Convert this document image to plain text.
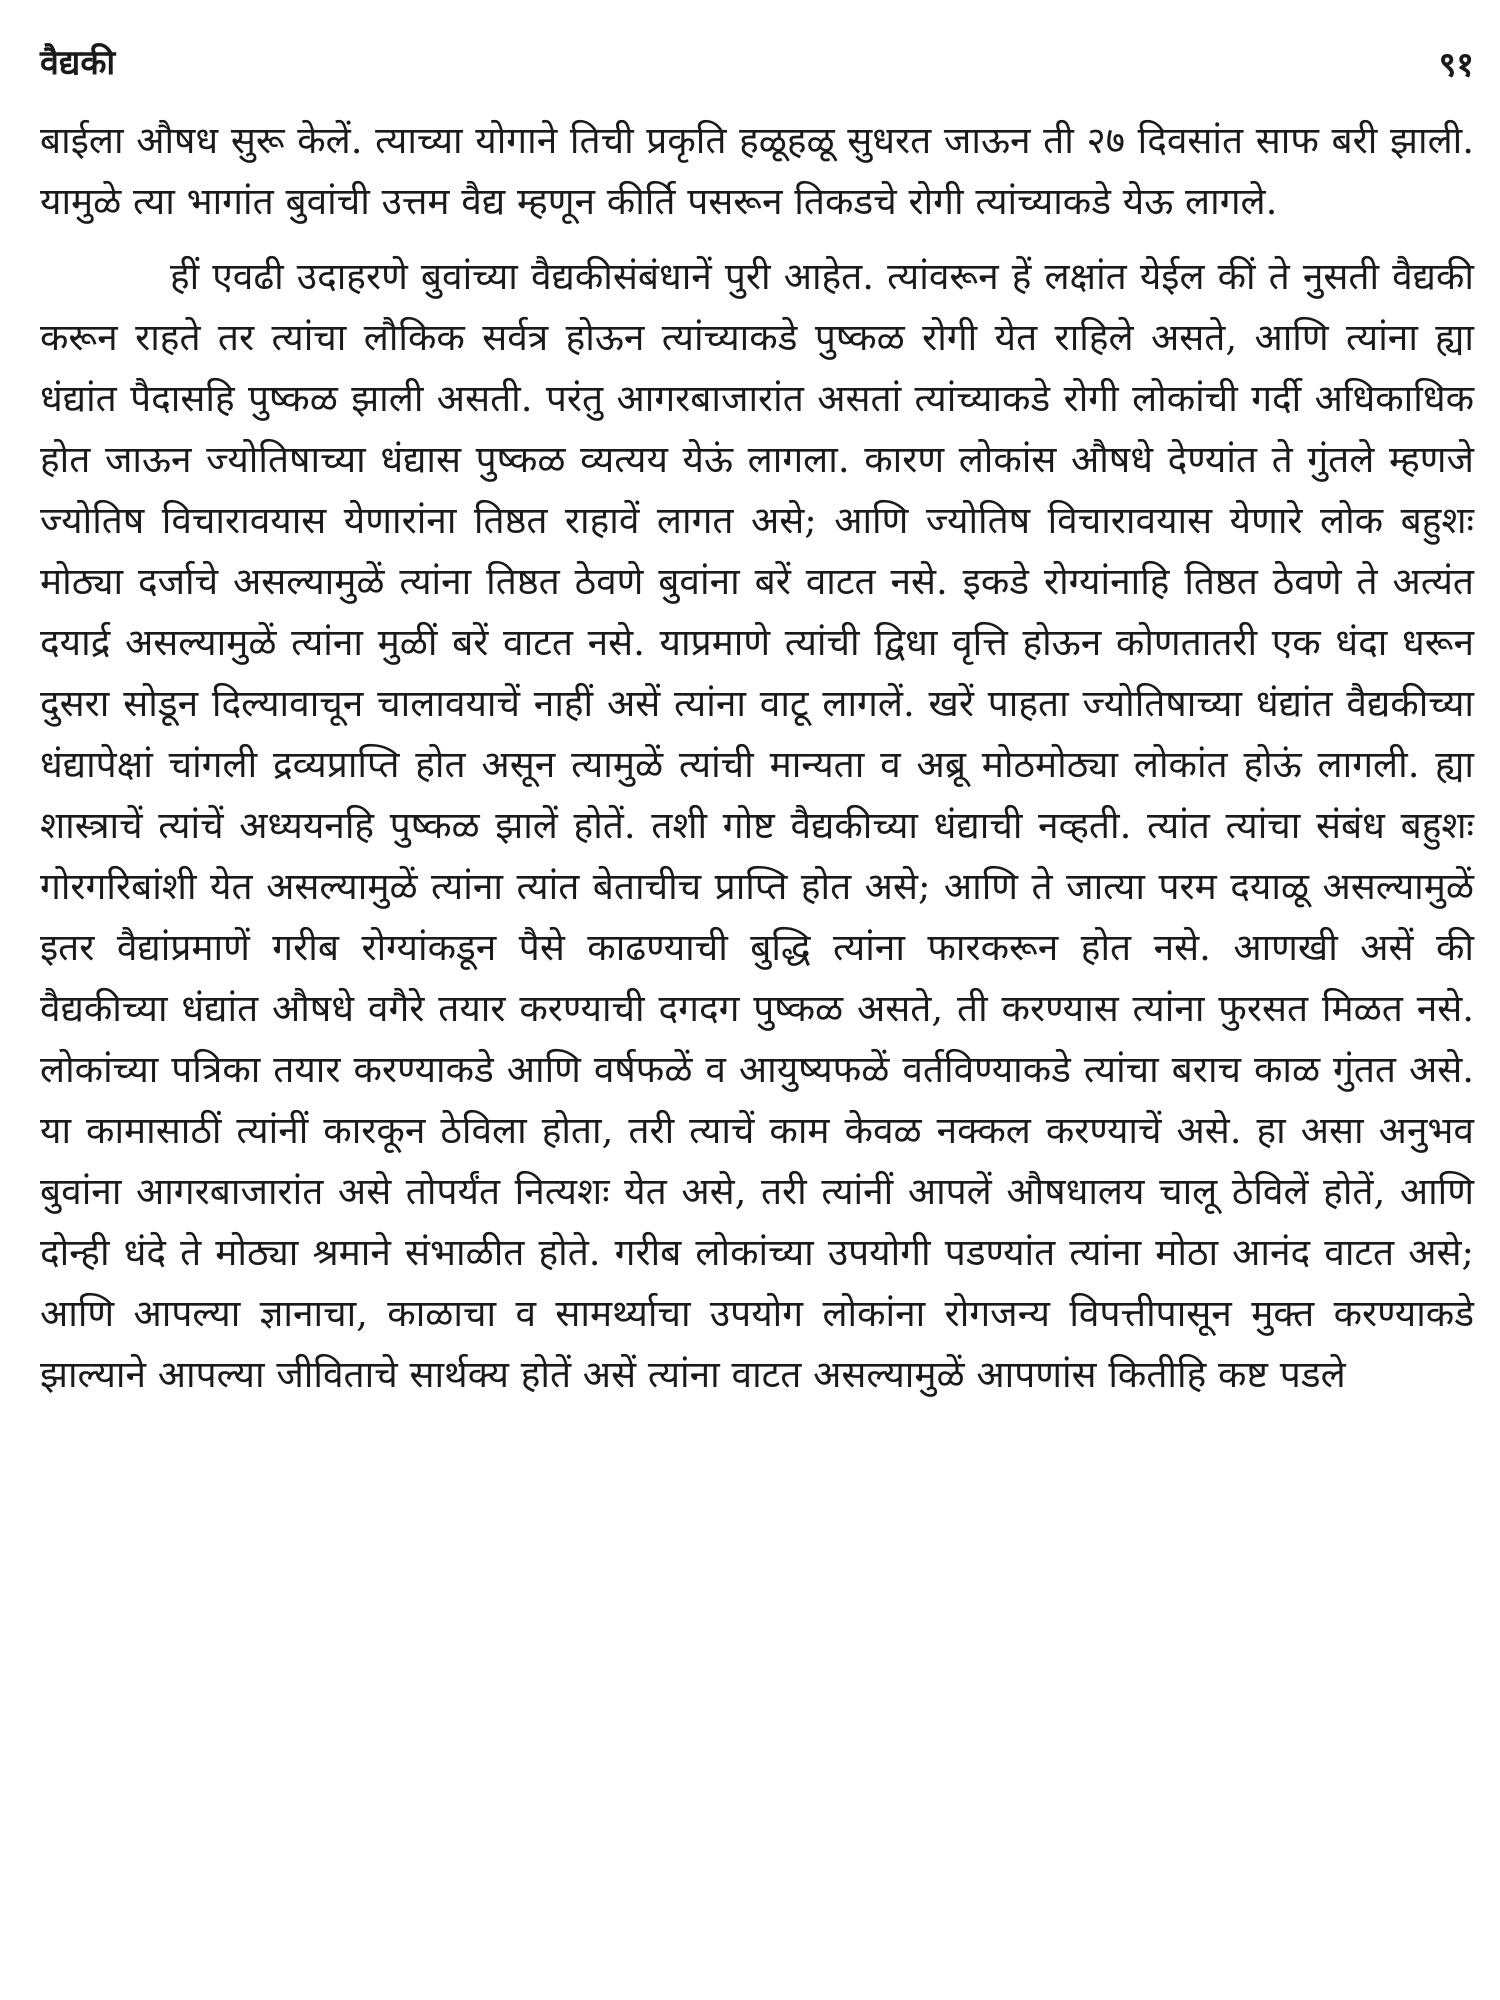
वैद्यकी	९१

बाईला औषध सुरू केलें. त्याच्या योगाने तिची प्रकृति हळूहळू सुधरत जाऊन ती २७ दिवसांत साफ बरी झाली. यामुळे त्या भागांत बुवांची उत्तम वैद्य म्हणून कीर्ति पसरून तिकडचे रोगी त्यांच्याकडे येऊ लागले.

हीं एवढी उदाहरणे बुवांच्या वैद्यकीसंबंधानें पुरी आहेत. त्यांवरून हें लक्षांत येईल कीं ते नुसती वैद्यकी करून राहते तर त्यांचा लौकिक सर्वत्र होऊन त्यांच्याकडे पुष्कळ रोगी येत राहिले असते, आणि त्यांना ह्या धंद्यांत पैदासहि पुष्कळ झाली असती. परंतु आगरबाजारांत असतां त्यांच्याकडे रोगी लोकांची गर्दी अधिकाधिक होत जाऊन ज्योतिषाच्या धंद्यास पुष्कळ व्यत्यय येऊं लागला. कारण लोकांस औषधे देण्यांत ते गुंतले म्हणजे ज्योतिष विचारावयास येणारांना तिष्ठत राहावें लागत असे; आणि ज्योतिष विचारावयास येणारे लोक बहुशः मोठ्या दर्जाचे असल्यामुळें त्यांना तिष्ठत ठेवणे बुवांना बरें वाटत नसे. इकडे रोग्यांनाहि तिष्ठत ठेवणे ते अत्यंत दयार्द्र असल्यामुळें त्यांना मुळीं बरें वाटत नसे. याप्रमाणे त्यांची द्विधा वृत्ति होऊन कोणतातरी एक धंदा धरून दुसरा सोडून दिल्यावाचून चालावयाचें नाहीं असें त्यांना वाटू लागलें. खरें पाहता ज्योतिषाच्या धंद्यांत वैद्यकीच्या धंद्यापेक्षां चांगली द्रव्यप्राप्ति होत असून त्यामुळें त्यांची मान्यता व अब्रू मोठमोठ्या लोकांत होऊं लागली. ह्या शास्त्राचें त्यांचें अध्ययनहि पुष्कळ झालें होतें. तशी गोष्ट वैद्यकीच्या धंद्याची नव्हती. त्यांत त्यांचा संबंध बहुशः गोरगरिबांशी येत असल्यामुळें त्यांना त्यांत बेताचीच प्राप्ति होत असे; आणि ते जात्या परम दयाळू असल्यामुळें इतर वैद्यांप्रमाणें गरीब रोग्यांकडून पैसे काढण्याची बुद्धि त्यांना फारकरून होत नसे. आणखी असें की वैद्यकीच्या धंद्यांत औषधे वगैरे तयार करण्याची दगदग पुष्कळ असते, ती करण्यास त्यांना फुरसत मिळत नसे. लोकांच्या पत्रिका तयार करण्याकडे आणि वर्षफळें व आयुष्यफळें वर्तविण्याकडे त्यांचा बराच काळ गुंतत असे. या कामासाठीं त्यांनीं कारकून ठेविला होता, तरी त्याचें काम केवळ नक्कल करण्याचें असे. हा असा अनुभव बुवांना आगरबाजारांत असे तोपर्यंत नित्यशः येत असे, तरी त्यांनीं आपलें औषधालय चालू ठेविलें होतें, आणि दोन्ही धंदे ते मोठ्या श्रमाने संभाळीत होते. गरीब लोकांच्या उपयोगी पडण्यांत त्यांना मोठा आनंद वाटत असे; आणि आपल्या ज्ञानाचा, काळाचा व सामर्थ्याचा उपयोग लोकांना रोगजन्य विपत्तीपासून मुक्त करण्याकडे झाल्याने आपल्या जीविताचे सार्थक्य होतें असें त्यांना वाटत असल्यामुळें आपणांस कितीहि कष्ट पडले
